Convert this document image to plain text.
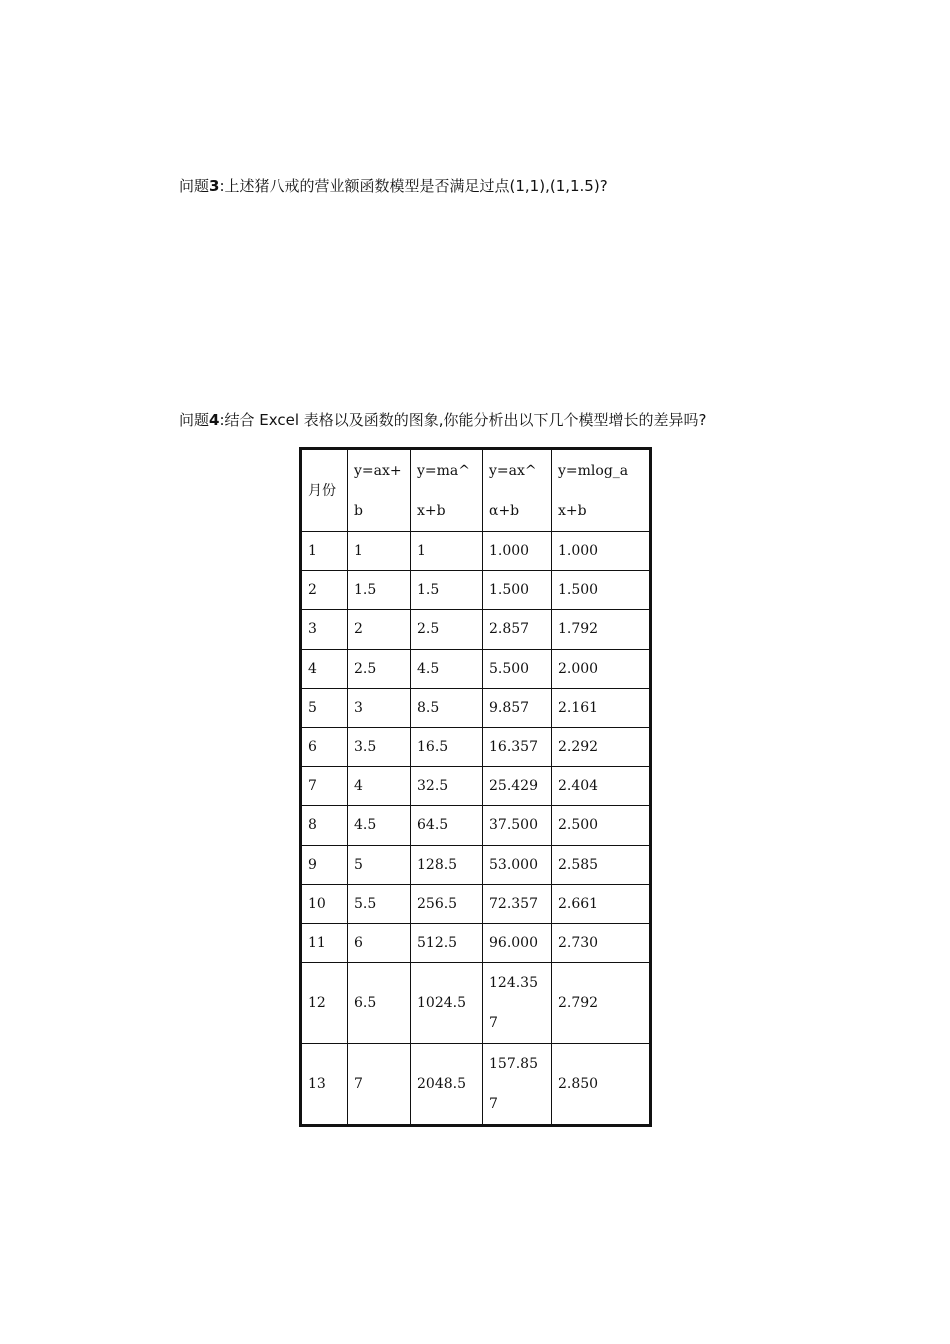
问题3:上述猪八戒的营业额函数模型是否满足过点(1,1),(1,1.5)?
问题4:结合 Excel 表格以及函数的图象,你能分析出以下几个模型增长的差异吗?
月份	y=ax+b	y=ma^x+b	y=ax^α+b	y=mlog_a x+b
1	1	1	1.000	1.000
2	1.5	1.5	1.500	1.500
3	2	2.5	2.857	1.792
4	2.5	4.5	5.500	2.000
5	3	8.5	9.857	2.161
6	3.5	16.5	16.357	2.292
7	4	32.5	25.429	2.404
8	4.5	64.5	37.500	2.500
9	5	128.5	53.000	2.585
10	5.5	256.5	72.357	2.661
11	6	512.5	96.000	2.730
12	6.5	1024.5	124.357	2.792
13	7	2048.5	157.857	2.850
